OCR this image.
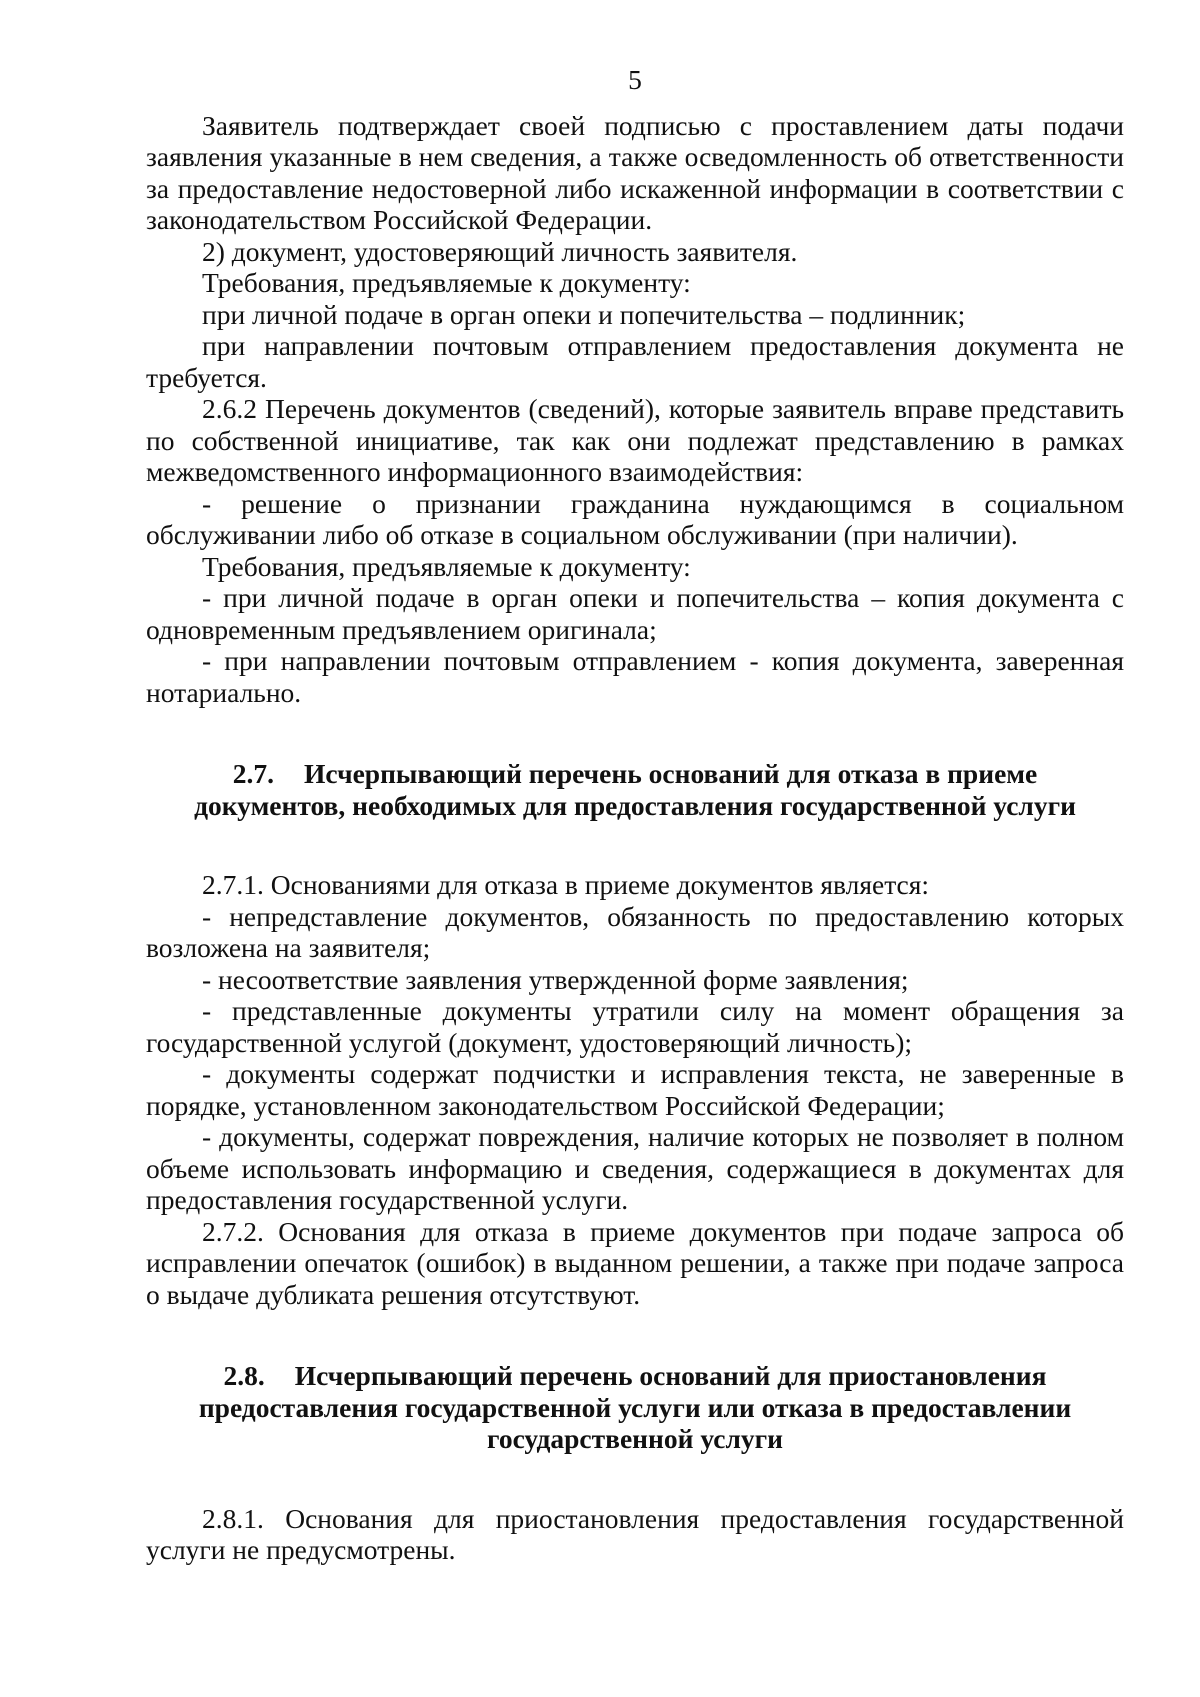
5

Заявитель подтверждает своей подписью с проставлением даты подачи заявления указанные в нем сведения, а также осведомленность об ответственности за предоставление недостоверной либо искаженной информации в соответствии с законодательством Российской Федерации.

2) документ, удостоверяющий личность заявителя.

Требования, предъявляемые к документу:

при личной подаче в орган опеки и попечительства – подлинник;

при направлении почтовым отправлением предоставления документа не требуется.

2.6.2 Перечень документов (сведений), которые заявитель вправе представить по собственной инициативе, так как они подлежат представлению в рамках межведомственного информационного взаимодействия:

- решение о признании гражданина нуждающимся в социальном обслуживании либо об отказе в социальном обслуживании (при наличии).

Требования, предъявляемые к документу:

- при личной подаче в орган опеки и попечительства – копия документа с одновременным предъявлением оригинала;

- при направлении почтовым отправлением - копия документа, заверенная нотариально.

2.7. Исчерпывающий перечень оснований для отказа в приеме
документов, необходимых для предоставления государственной услуги

2.7.1. Основаниями для отказа в приеме документов является:

- непредставление документов, обязанность по предоставлению которых возложена на заявителя;

- несоответствие заявления утвержденной форме заявления;

- представленные документы утратили силу на момент обращения за государственной услугой (документ, удостоверяющий личность);

- документы содержат подчистки и исправления текста, не заверенные в порядке, установленном законодательством Российской Федерации;

- документы, содержат повреждения, наличие которых не позволяет в полном объеме использовать информацию и сведения, содержащиеся в документах для предоставления государственной услуги.

2.7.2. Основания для отказа в приеме документов при подаче запроса об исправлении опечаток (ошибок) в выданном решении, а также при подаче запроса о выдаче дубликата решения отсутствуют.

2.8. Исчерпывающий перечень оснований для приостановления
предоставления государственной услуги или отказа в предоставлении
государственной услуги

2.8.1. Основания для приостановления предоставления государственной услуги не предусмотрены.
